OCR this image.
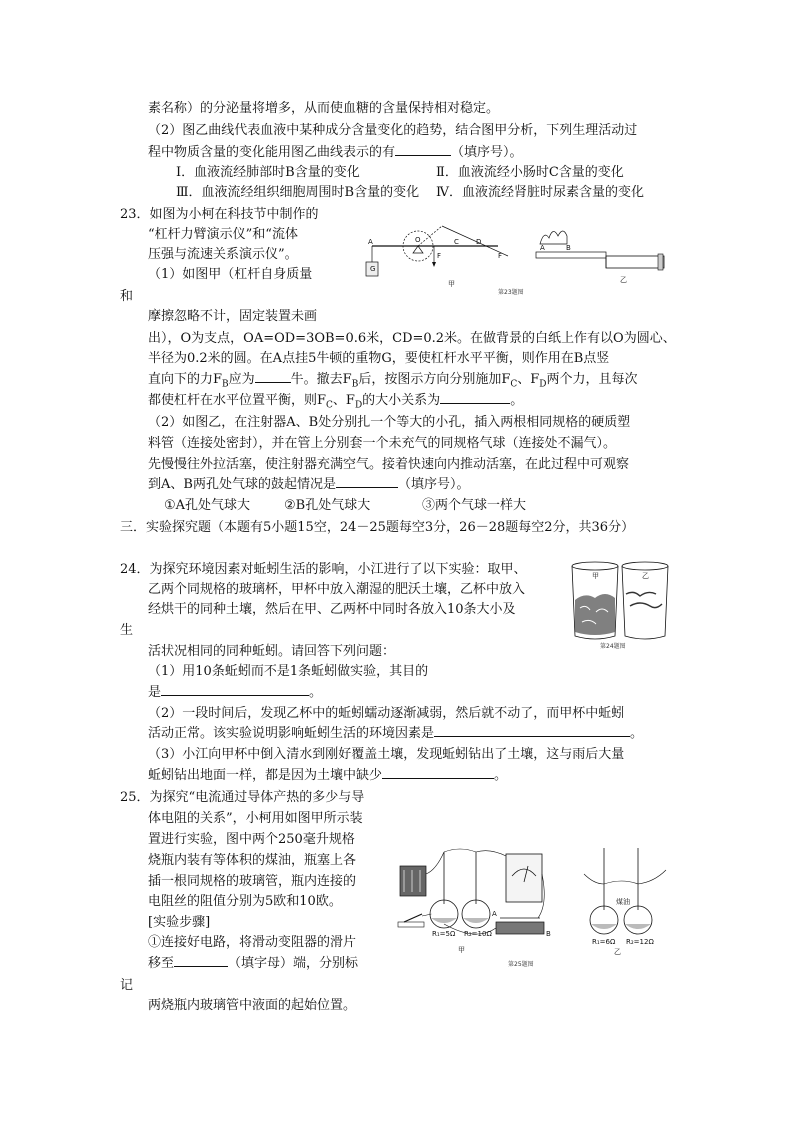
素名称）的分泌量将增多，从而使血糖的含量保持相对稳定。
（2）图乙曲线代表血液中某种成分含量变化的趋势，结合图甲分析，下列生理活动过
程中物质含量的变化能用图乙曲线表示的有	（填序号）。
Ⅰ．血液流经肺部时B含量的变化	Ⅱ．血液流经小肠时C含量的变化
Ⅲ．血液流经组织细胞周围时B含量的变化 Ⅳ．血液流经肾脏时尿素含量的变化
23．如图为小柯在科技节中制作的
“杠杆力臂演示仪”和“流体
压强与流速关系演示仪”。
（1）如图甲（杠杆自身质量
和
摩擦忽略不计，固定装置未画
出），O为支点，OA=OD=3OB=0.6米，CD=0.2米。在做背景的白纸上作有以O为圆心、
半径为0.2米的圆。在A点挂5牛顿的重物G，要使杠杆水平平衡，则作用在B点竖
直向下的力$F_B$应为	牛。撤去$F_B$后，按图示方向分别施加$F_C$、$F_D$两个力，且每次
都使杠杆在水平位置平衡，则$F_C$、$F_D$的大小关系为	。
（2）如图乙，在注射器A、B处分别扎一个等大的小孔，插入两根相同规格的硬质塑
料管（连接处密封），并在管上分别套一个未充气的同规格气球（连接处不漏气）。
先慢慢往外拉活塞，使注射器充满空气。接着快速向内推动活塞，在此过程中可观察
到A、B两孔处气球的鼓起情况是	（填序号）。
①A孔处气球大	②B孔处气球大	③两个气球一样大
A	O
G
F
C D
F
甲
A	B
乙
第23题图
三．实验探究题（本题有5小题15空，24－25题每空3分，26－28题每空2分，共36分）
24．为探究环境因素对蚯蚓生活的影响，小江进行了以下实验：取甲、
乙两个同规格的玻璃杯，甲杯中放入潮湿的肥沃土壤，乙杯中放入
经烘干的同种土壤，然后在甲、乙两杯中同时各放入10条大小及
生
活状况相同的同种蚯蚓。请回答下列问题：
（1）用10条蚯蚓而不是1条蚯蚓做实验，其目的
是	。
（2）一段时间后，发现乙杯中的蚯蚓蠕动逐渐减弱，然后就不动了，而甲杯中蚯蚓
活动正常。该实验说明影响蚯蚓生活的环境因素是	。
（3）小江向甲杯中倒入清水到刚好覆盖土壤，发现蚯蚓钻出了土壤，这与雨后大量
蚯蚓钻出地面一样，都是因为土壤中缺少	。
甲	乙
第24题图
25．为探究“电流通过导体产热的多少与导
体电阻的关系”，小柯用如图甲所示装
置进行实验，图中两个250毫升规格
烧瓶内装有等体积的煤油，瓶塞上各
插一根同规格的玻璃管，瓶内连接的
电阻丝的阻值分别为5欧和10欧。
[实验步骤]
①连接好电路，将滑动变阻器的滑片
移至	（填字母）端，分别标
记
两烧瓶内玻璃管中液面的起始位置。
R₁=5Ω R₂=10Ω
A
B
甲
煤油
R₁=6Ω R₂=12Ω
乙
第25题图
